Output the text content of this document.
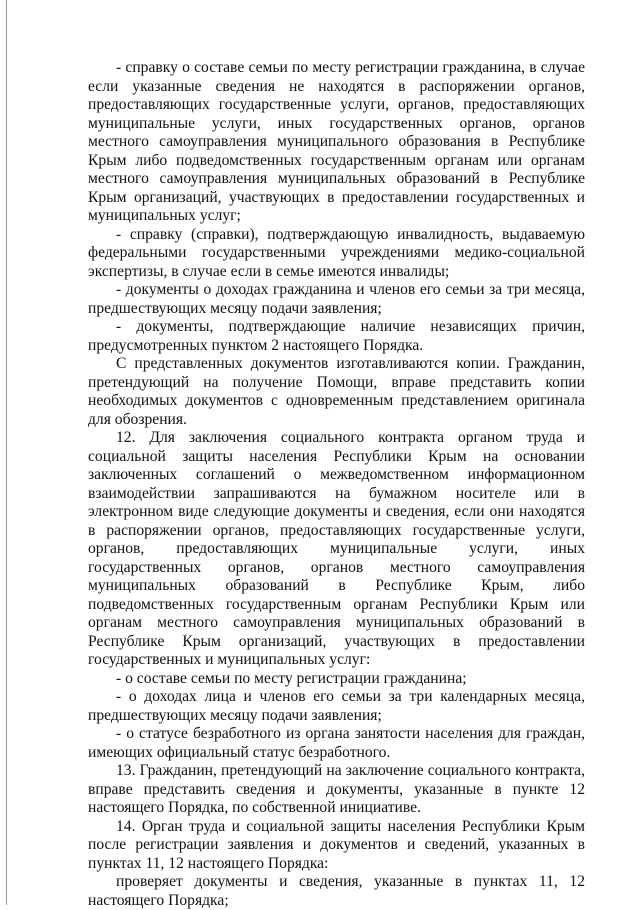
- справку о составе семьи по месту регистрации гражданина, в случае если указанные сведения не находятся в распоряжении органов, предоставляющих государственные услуги, органов, предоставляющих муниципальные услуги, иных государственных органов, органов местного самоуправления муниципального образования в Республике Крым либо подведомственных государственным органам или органам местного самоуправления муниципальных образований в Республике Крым организаций, участвующих в предоставлении государственных и муниципальных услуг;

- справку (справки), подтверждающую инвалидность, выдаваемую федеральными государственными учреждениями медико-социальной экспертизы, в случае если в семье имеются инвалиды;

- документы о доходах гражданина и членов его семьи за три месяца, предшествующих месяцу подачи заявления;

- документы, подтверждающие наличие независящих причин, предусмотренных пунктом 2 настоящего Порядка.

С представленных документов изготавливаются копии. Гражданин, претендующий на получение Помощи, вправе представить копии необходимых документов с одновременным представлением оригинала для обозрения.

12. Для заключения социального контракта органом труда и социальной защиты населения Республики Крым на основании заключенных соглашений о межведомственном информационном взаимодействии запрашиваются на бумажном носителе или в электронном виде следующие документы и сведения, если они находятся в распоряжении органов, предоставляющих государственные услуги, органов, предоставляющих муниципальные услуги, иных государственных органов, органов местного самоуправления муниципальных образований в Республике Крым, либо подведомственных государственным органам Республики Крым или органам местного самоуправления муниципальных образований в Республике Крым организаций, участвующих в предоставлении государственных и муниципальных услуг:

- о составе семьи по месту регистрации гражданина;

- о доходах лица и членов его семьи за три календарных месяца, предшествующих месяцу подачи заявления;

- о статусе безработного из органа занятости населения для граждан, имеющих официальный статус безработного.

13. Гражданин, претендующий на заключение социального контракта, вправе представить сведения и документы, указанные в пункте 12 настоящего Порядка, по собственной инициативе.

14. Орган труда и социальной защиты населения Республики Крым после регистрации заявления и документов и сведений, указанных в пунктах 11, 12 настоящего Порядка:

проверяет документы и сведения, указанные в пунктах 11, 12 настоящего Порядка;
